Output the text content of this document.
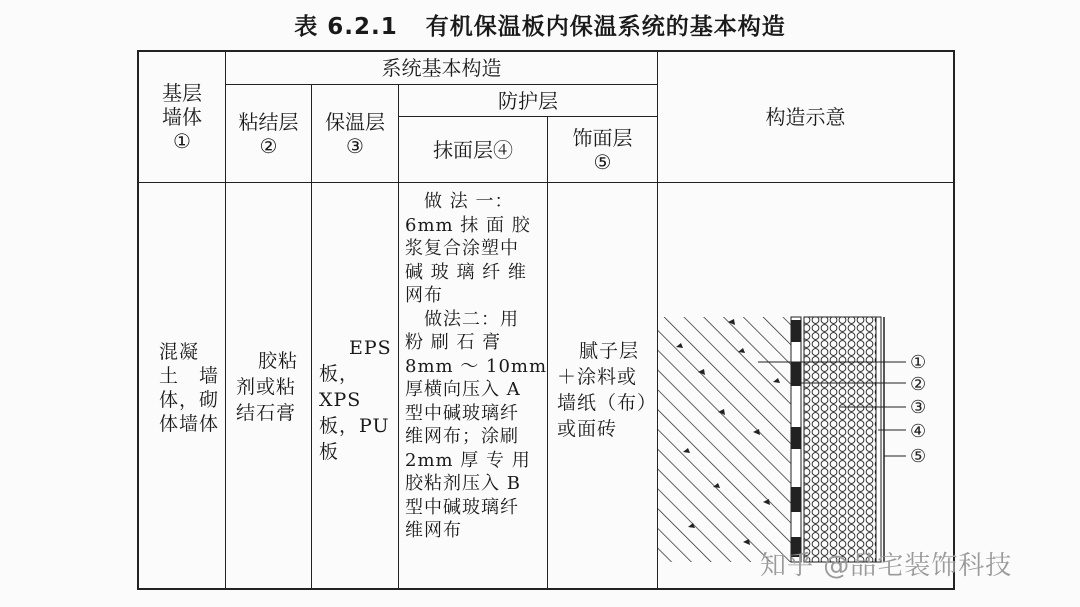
表 6.2.1 有机保温板内保温系统的基本构造
基层
墙体
①
系统基本构造
粘结层
②
保温层
③
防护层
抹面层④	饰面层
⑤
构造示意
混凝
土　墙
体，砌
体墙体
胶粘
剂或粘
结石膏
EPS
板，XPS
板，PU
板
　做 法 一：
6mm 抹 面 胶
浆复合涂塑中
碱 玻 璃 纤 维
网布
　做法二：用
粉 刷 石 膏
8mm ～ 10mm
厚横向压入 A
型中碱玻璃纤
维网布；涂刷
2mm 厚 专 用
胶粘剂压入 B
型中碱玻璃纤
维网布
腻子层
＋涂料或
墙纸（布）
或面砖
①
②
③
④
⑤
知乎 @品宅装饰科技
